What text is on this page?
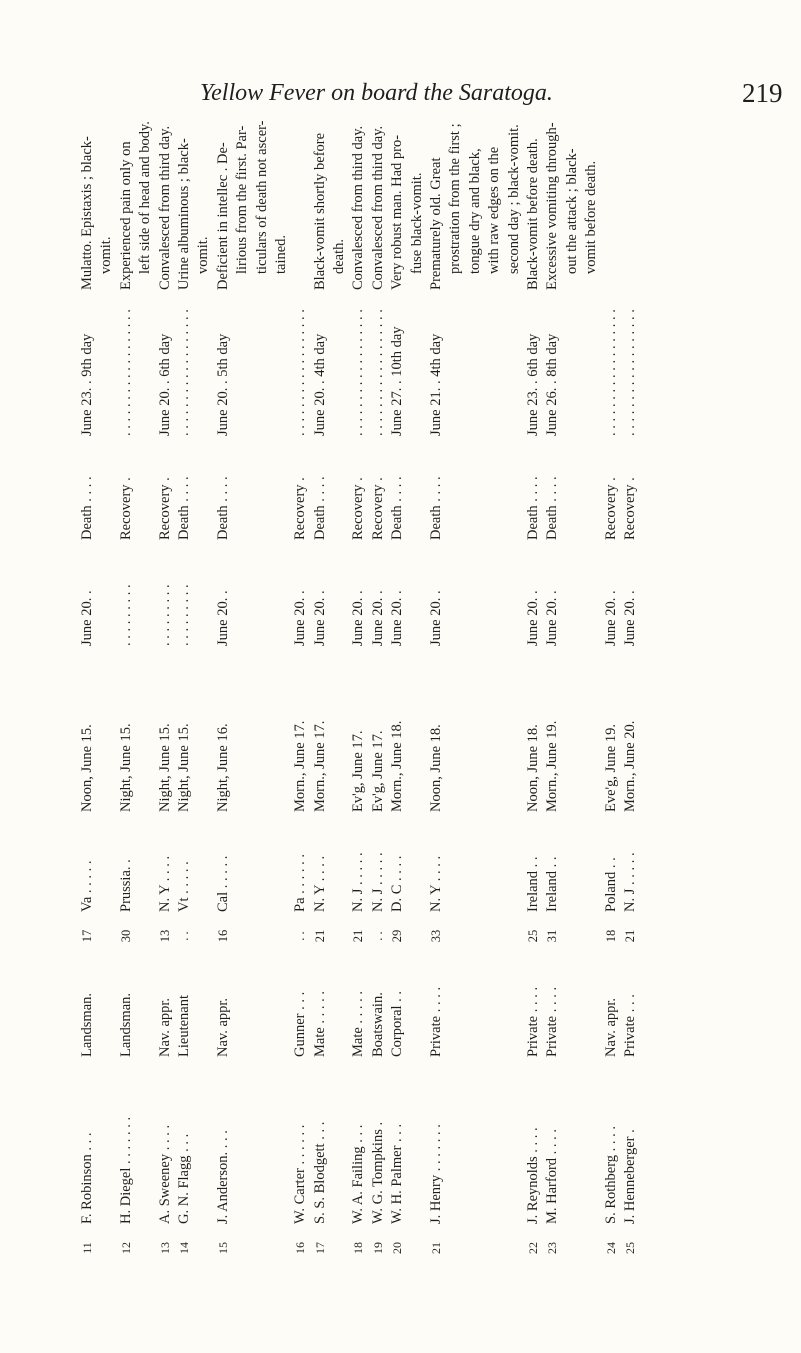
Yellow Fever on board the Saratoga.	219
11
F. Robinson . . .
Landsman.
17
Va . . . . .
Noon, June 15.
June 20. .
Death . . . .
June 23. . 9th day
Mulatto. Epistaxis ; black- vomit.
12
H. Diegel . . . . . . .
Landsman.
30
Prussia. .
Night, June 15.
. . . . . . . . .
Recovery .
. . . . . . . . . . . . . . . . . .
Experienced pain only on left side of head and body.
13
A. Sweeney . . . .
Nav. appr.
13
N. Y . . . .
Night, June 15.
. . . . . . . . .
Recovery .
June 20. . 6th day
Convalesced from third day.
14
G. N. Flagg . . .
Lieutenant
. .
Vt . . . . .
Night, June 15.
. . . . . . . . .
Death . . . .
. . . . . . . . . . . . . . . . . .
Urine albuminous ; black- vomit.
15
J. Anderson. . . .
Nav. appr.
16
Cal . . . . .
Night, June 16.
June 20. .
Death . . . .
June 20. . 5th day
Deficient in intellec . De- lirious from the first. Par- ticulars of death not ascer- tained.
16
W. Carter . . . . . .
Gunner . . .
. .
Pa . . . . . .
Morn., June 17.
June 20. .
Recovery .
. . . . . . . . . . . . . . . . . .
17
S. S. Blodgett . . .
Mate . . . . .
21
N. Y . . . .
Morn., June 17.
June 20. .
Death . . . .
June 20. . 4th day
Black-vomit shortly before death.
18
W. A. Failing . . .
Mate . . . . .
21
N. J . . . . .
Ev'g, June 17.
June 20. .
Recovery .
. . . . . . . . . . . . . . . . . .
Convalesced from third day.
19
W. G. Tompkins .
Boatswain.
. .
N. J . . . . .
Ev'g, June 17.
June 20. .
Recovery .
. . . . . . . . . . . . . . . . . .
Convalesced from third day.
20
W. H. Palmer . . .
Corporal . .
29
D. C . . . .
Morn., June 18.
June 20. .
Death . . . .
June 27. . 10th day
Very robust man. Had pro- fuse black-vomit.
21
J. Henry . . . . . . .
Private . . . .
33
N. Y . . . .
Noon, June 18.
June 20. .
Death . . . .
June 21. . 4th day
Prematurely old. Great prostration from the first ; tongue dry and black, with raw edges on the second day ; black-vomit.
22
J. Reynolds . . . .
Private . . . .
25
Ireland . .
Noon, June 18.
June 20. .
Death . . . .
June 23. . 6th day
Black-vomit before death.
23
M. Harford . . . .
Private . . . .
31
Ireland . .
Morn., June 19.
June 20. .
Death . . . .
June 26. . 8th day
Excessive vomiting through- out the attack ; black- vomit before death.
24
S. Rothberg . . . .
Nav. appr.
18
Poland . .
Eve'g, June 19.
June 20. .
Recovery .
. . . . . . . . . . . . . . . . . .
25
J. Henneberger .
Private . . .
21
N. J . . . . .
Morn., June 20.
June 20. .
Recovery .
. . . . . . . . . . . . . . . . . .
